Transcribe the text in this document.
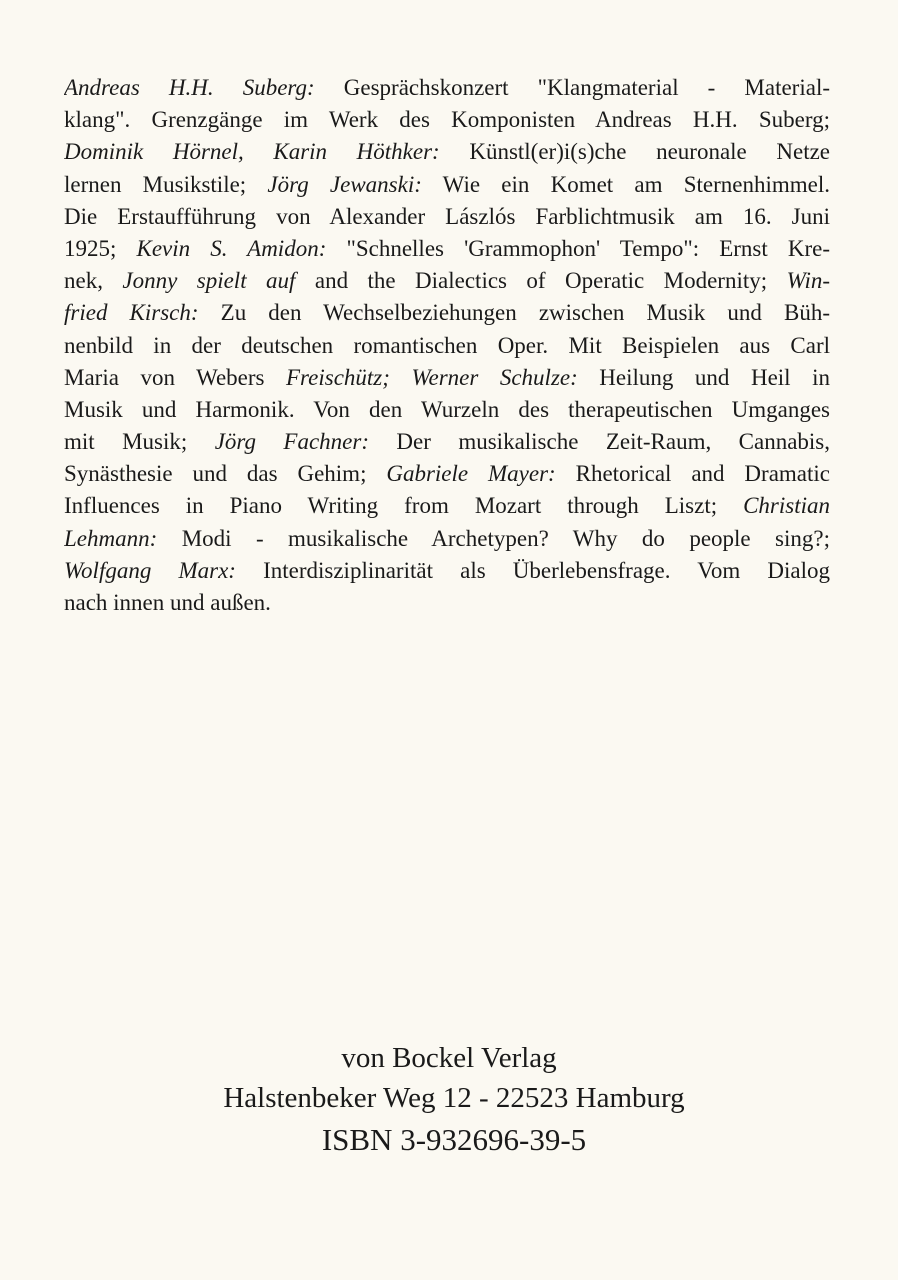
Andreas H.H. Suberg: Gesprächskonzert "Klangmaterial - Material-
klang". Grenzgänge im Werk des Komponisten Andreas H.H. Suberg;
Dominik Hörnel, Karin Höthker: Künstl(er)i(s)che neuronale Netze
lernen Musikstile; Jörg Jewanski: Wie ein Komet am Sternenhimmel.
Die Erstaufführung von Alexander Lászlós Farblichtmusik am 16. Juni
1925; Kevin S. Amidon: "Schnelles 'Grammophon' Tempo": Ernst Kre-
nek, Jonny spielt auf and the Dialectics of Operatic Modernity; Win-
fried Kirsch: Zu den Wechselbeziehungen zwischen Musik und Büh-
nenbild in der deutschen romantischen Oper. Mit Beispielen aus Carl
Maria von Webers Freischütz; Werner Schulze: Heilung und Heil in
Musik und Harmonik. Von den Wurzeln des therapeutischen Umganges
mit Musik; Jörg Fachner: Der musikalische Zeit-Raum, Cannabis,
Synästhesie und das Gehim; Gabriele Mayer: Rhetorical and Dramatic
Influences in Piano Writing from Mozart through Liszt; Christian
Lehmann: Modi - musikalische Archetypen? Why do people sing?;
Wolfgang Marx: Interdisziplinarität als Überlebensfrage. Vom Dialog
nach innen und außen.
von Bockel Verlag
Halstenbeker Weg 12 - 22523 Hamburg
ISBN 3-932696-39-5
